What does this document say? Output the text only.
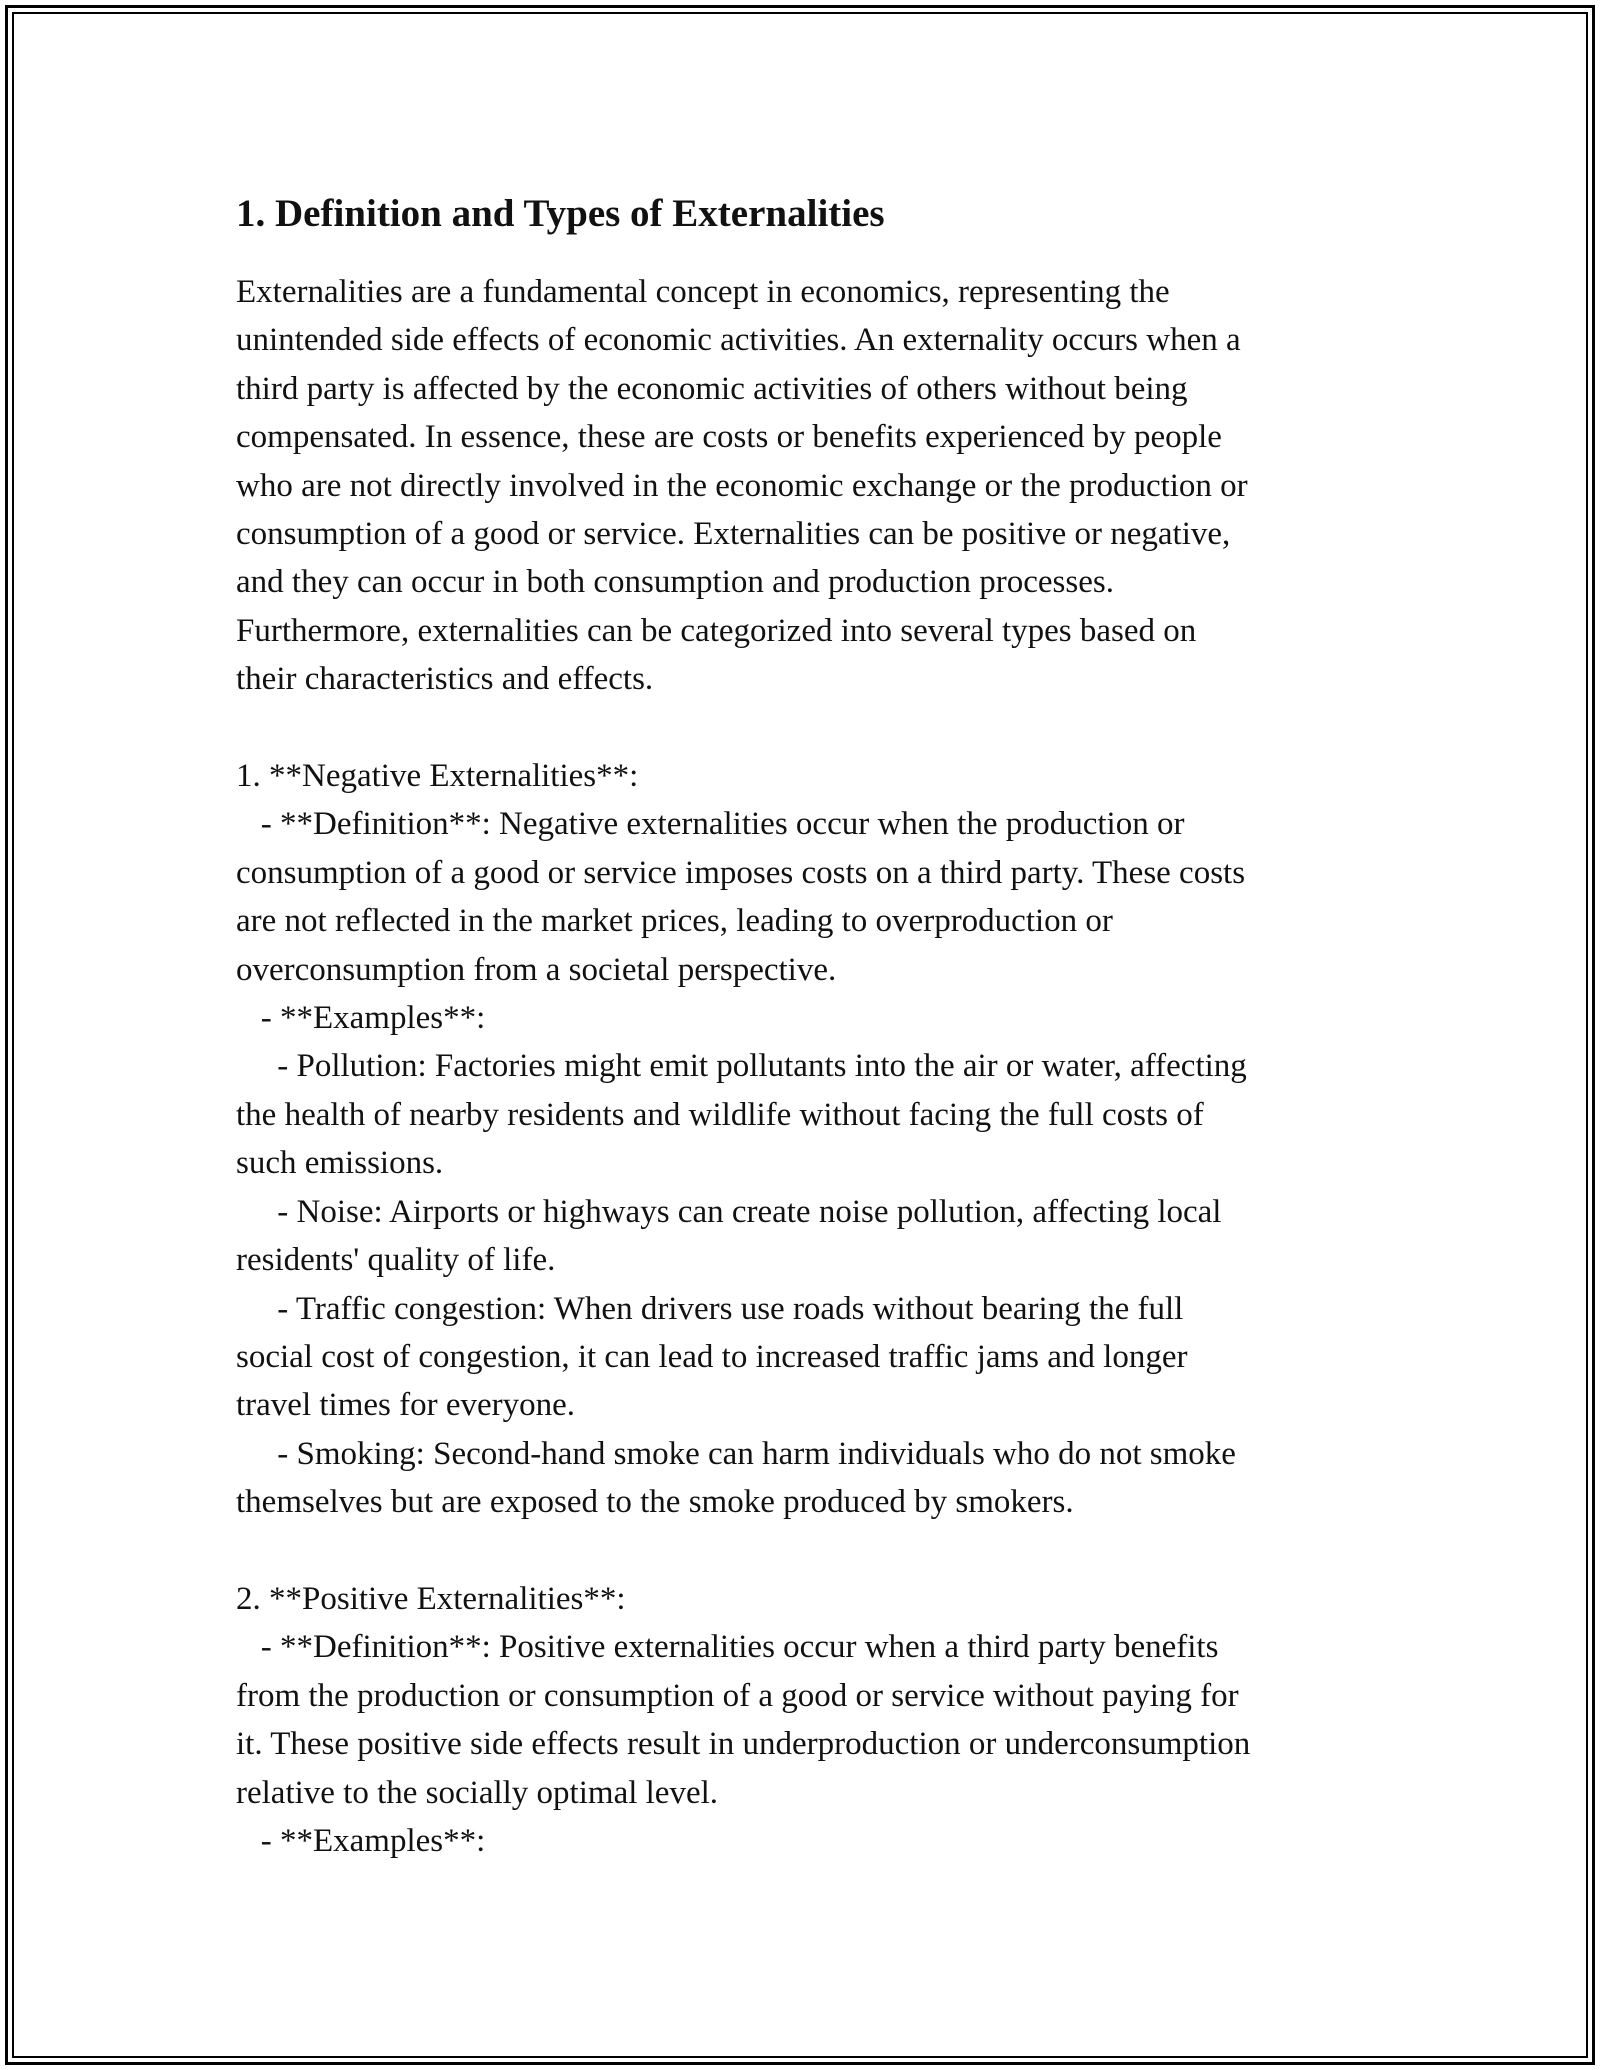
1. Definition and Types of Externalities

Externalities are a fundamental concept in economics, representing the
unintended side effects of economic activities. An externality occurs when a
third party is affected by the economic activities of others without being
compensated. In essence, these are costs or benefits experienced by people
who are not directly involved in the economic exchange or the production or
consumption of a good or service. Externalities can be positive or negative,
and they can occur in both consumption and production processes.
Furthermore, externalities can be categorized into several types based on
their characteristics and effects.

1. **Negative Externalities**:
- **Definition**: Negative externalities occur when the production or
consumption of a good or service imposes costs on a third party. These costs
are not reflected in the market prices, leading to overproduction or
overconsumption from a societal perspective.
- **Examples**:
- Pollution: Factories might emit pollutants into the air or water, affecting
the health of nearby residents and wildlife without facing the full costs of
such emissions.
- Noise: Airports or highways can create noise pollution, affecting local
residents' quality of life.
- Traffic congestion: When drivers use roads without bearing the full
social cost of congestion, it can lead to increased traffic jams and longer
travel times for everyone.
- Smoking: Second-hand smoke can harm individuals who do not smoke
themselves but are exposed to the smoke produced by smokers.

2. **Positive Externalities**:
- **Definition**: Positive externalities occur when a third party benefits
from the production or consumption of a good or service without paying for
it. These positive side effects result in underproduction or underconsumption
relative to the socially optimal level.
- **Examples**:
